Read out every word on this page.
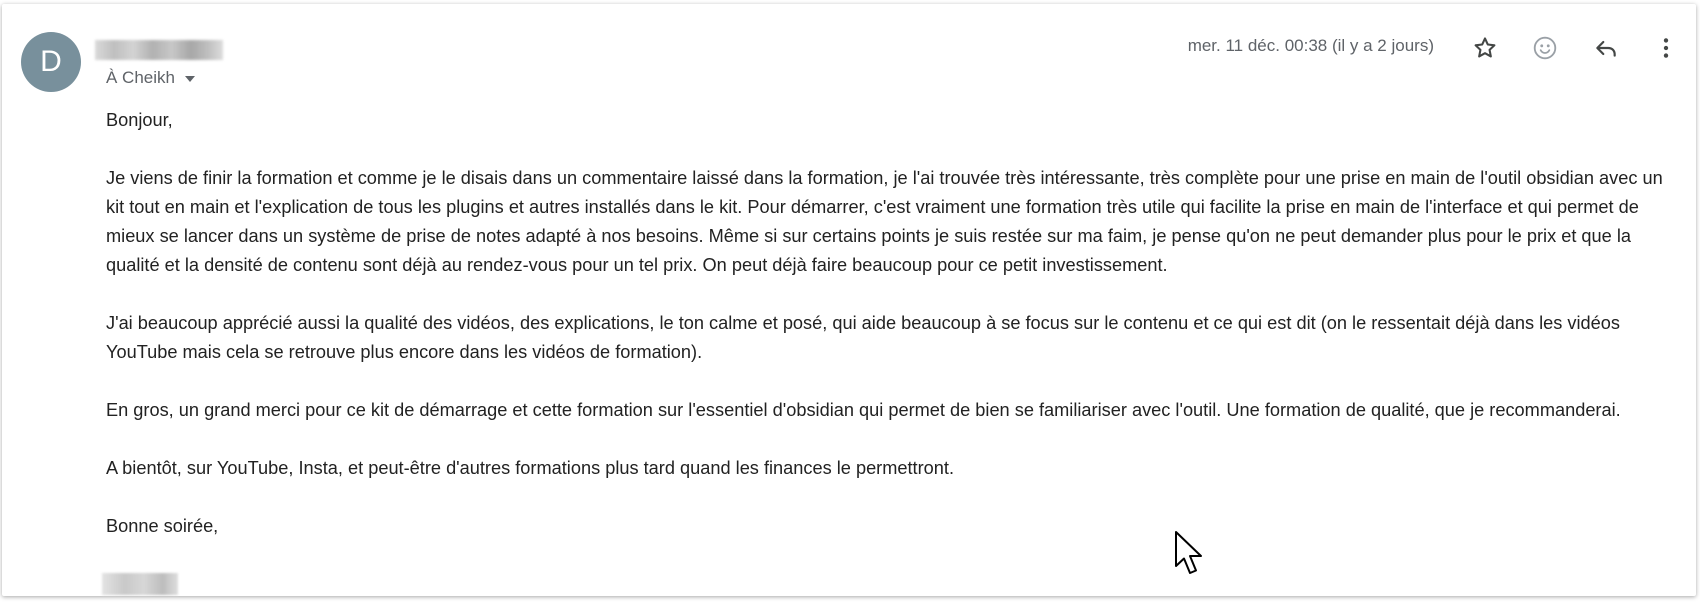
D	À Cheikh
mer. 11 déc. 00:38 (il y a 2 jours)

Bonjour,

Je viens de finir la formation et comme je le disais dans un commentaire laissé dans la formation, je l'ai trouvée très intéressante, très complète pour une prise en main de l'outil obsidian avec un kit tout en main et l'explication de tous les plugins et autres installés dans le kit. Pour démarrer, c'est vraiment une formation très utile qui facilite la prise en main de l'interface et qui permet de mieux se lancer dans un système de prise de notes adapté à nos besoins. Même si sur certains points je suis restée sur ma faim, je pense qu'on ne peut demander plus pour le prix et que la qualité et la densité de contenu sont déjà au rendez-vous pour un tel prix. On peut déjà faire beaucoup pour ce petit investissement.

J'ai beaucoup apprécié aussi la qualité des vidéos, des explications, le ton calme et posé, qui aide beaucoup à se focus sur le contenu et ce qui est dit (on le ressentait déjà dans les vidéos YouTube mais cela se retrouve plus encore dans les vidéos de formation).

En gros, un grand merci pour ce kit de démarrage et cette formation sur l'essentiel d'obsidian qui permet de bien se familiariser avec l'outil. Une formation de qualité, que je recommanderai.

A bientôt, sur YouTube, Insta, et peut-être d'autres formations plus tard quand les finances le permettront.

Bonne soirée,
